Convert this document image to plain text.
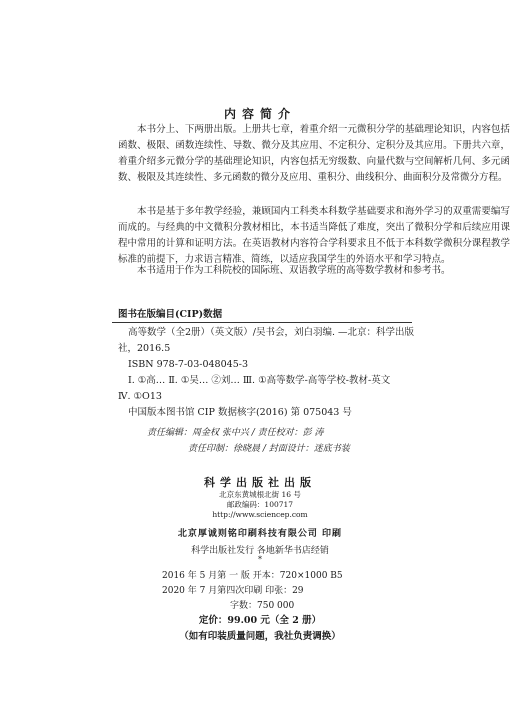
内容简介

本书分上、下两册出版。上册共七章，着重介绍一元微积分学的基础理论知识，内容包括函数、极限、函数连续性、导数、微分及其应用、不定积分、定积分及其应用。下册共六章，着重介绍多元微分学的基础理论知识，内容包括无穷级数、向量代数与空间解析几何、多元函数、极限及其连续性、多元函数的微分及应用、重积分、曲线积分、曲面积分及常微分方程。

本书是基于多年教学经验，兼顾国内工科类本科数学基础要求和海外学习的双重需要编写而成的。与经典的中文微积分教材相比，本书适当降低了难度，突出了微积分学和后续应用课程中常用的计算和证明方法。在英语教材内容符合学科要求且不低于本科数学微积分课程教学标准的前提下，力求语言精准、简练，以适应我国学生的外语水平和学习特点。

本书适用于作为工科院校的国际班、双语教学班的高等数学教材和参考书。

图书在版编目(CIP)数据
高等数学（全2册）（英文版）/吴书会，刘白羽编. —北京：科学出版
社，2016.5
ISBN 978-7-03-048045-3
Ⅰ. ①高… Ⅱ. ①吴… ②刘… Ⅲ. ①高等数学-高等学校-教材-英文
Ⅳ. ①O13
中国版本图书馆 CIP 数据核字(2016) 第 075043 号
责任编辑：周金权 张中兴 / 责任校对：彭 涛
责任印制：徐晓晨 / 封面设计：迷底书装
科学出版社出版
北京东黄城根北街 16 号
邮政编码：100717
http://www.sciencep.com
北京厚诚则铭印刷科技有限公司 印刷
科学出版社发行 各地新华书店经销
*
2016 年 5 月第 一 版 开本：720×1000 B5
2020 年 7 月第四次印刷 印张：29
字数：750 000
定价：99.00 元（全 2 册）
（如有印装质量问题，我社负责调换）
